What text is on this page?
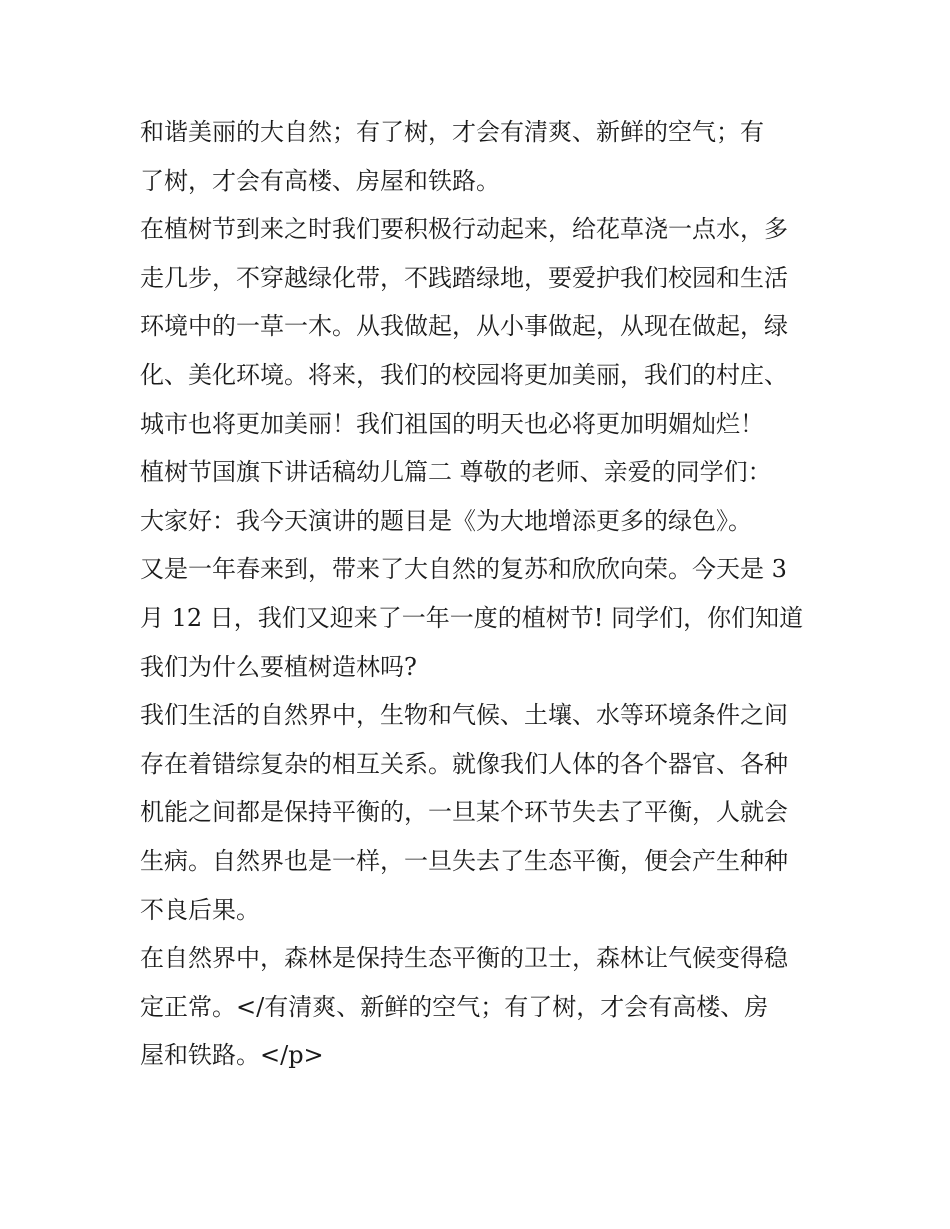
和谐美丽的大自然；有了树，才会有清爽、新鲜的空气；有
了树，才会有高楼、房屋和铁路。
在植树节到来之时我们要积极行动起来，给花草浇一点水，多
走几步，不穿越绿化带，不践踏绿地，要爱护我们校园和生活
环境中的一草一木。从我做起，从小事做起，从现在做起，绿
化、美化环境。将来，我们的校园将更加美丽，我们的村庄、
城市也将更加美丽！我们祖国的明天也必将更加明媚灿烂！
植树节国旗下讲话稿幼儿篇二 尊敬的老师、亲爱的同学们：
大家好：我今天演讲的题目是《为大地增添更多的绿色》。
又是一年春来到，带来了大自然的复苏和欣欣向荣。今天是 3
月 12 日，我们又迎来了一年一度的植树节! 同学们，你们知道
我们为什么要植树造林吗?
我们生活的自然界中，生物和气候、土壤、水等环境条件之间
存在着错综复杂的相互关系。就像我们人体的各个器官、各种
机能之间都是保持平衡的，一旦某个环节失去了平衡，人就会
生病。自然界也是一样，一旦失去了生态平衡，便会产生种种
不良后果。
在自然界中，森林是保持生态平衡的卫士，森林让气候变得稳
定正常。</有清爽、新鲜的空气；有了树，才会有高楼、房
屋和铁路。</p>
